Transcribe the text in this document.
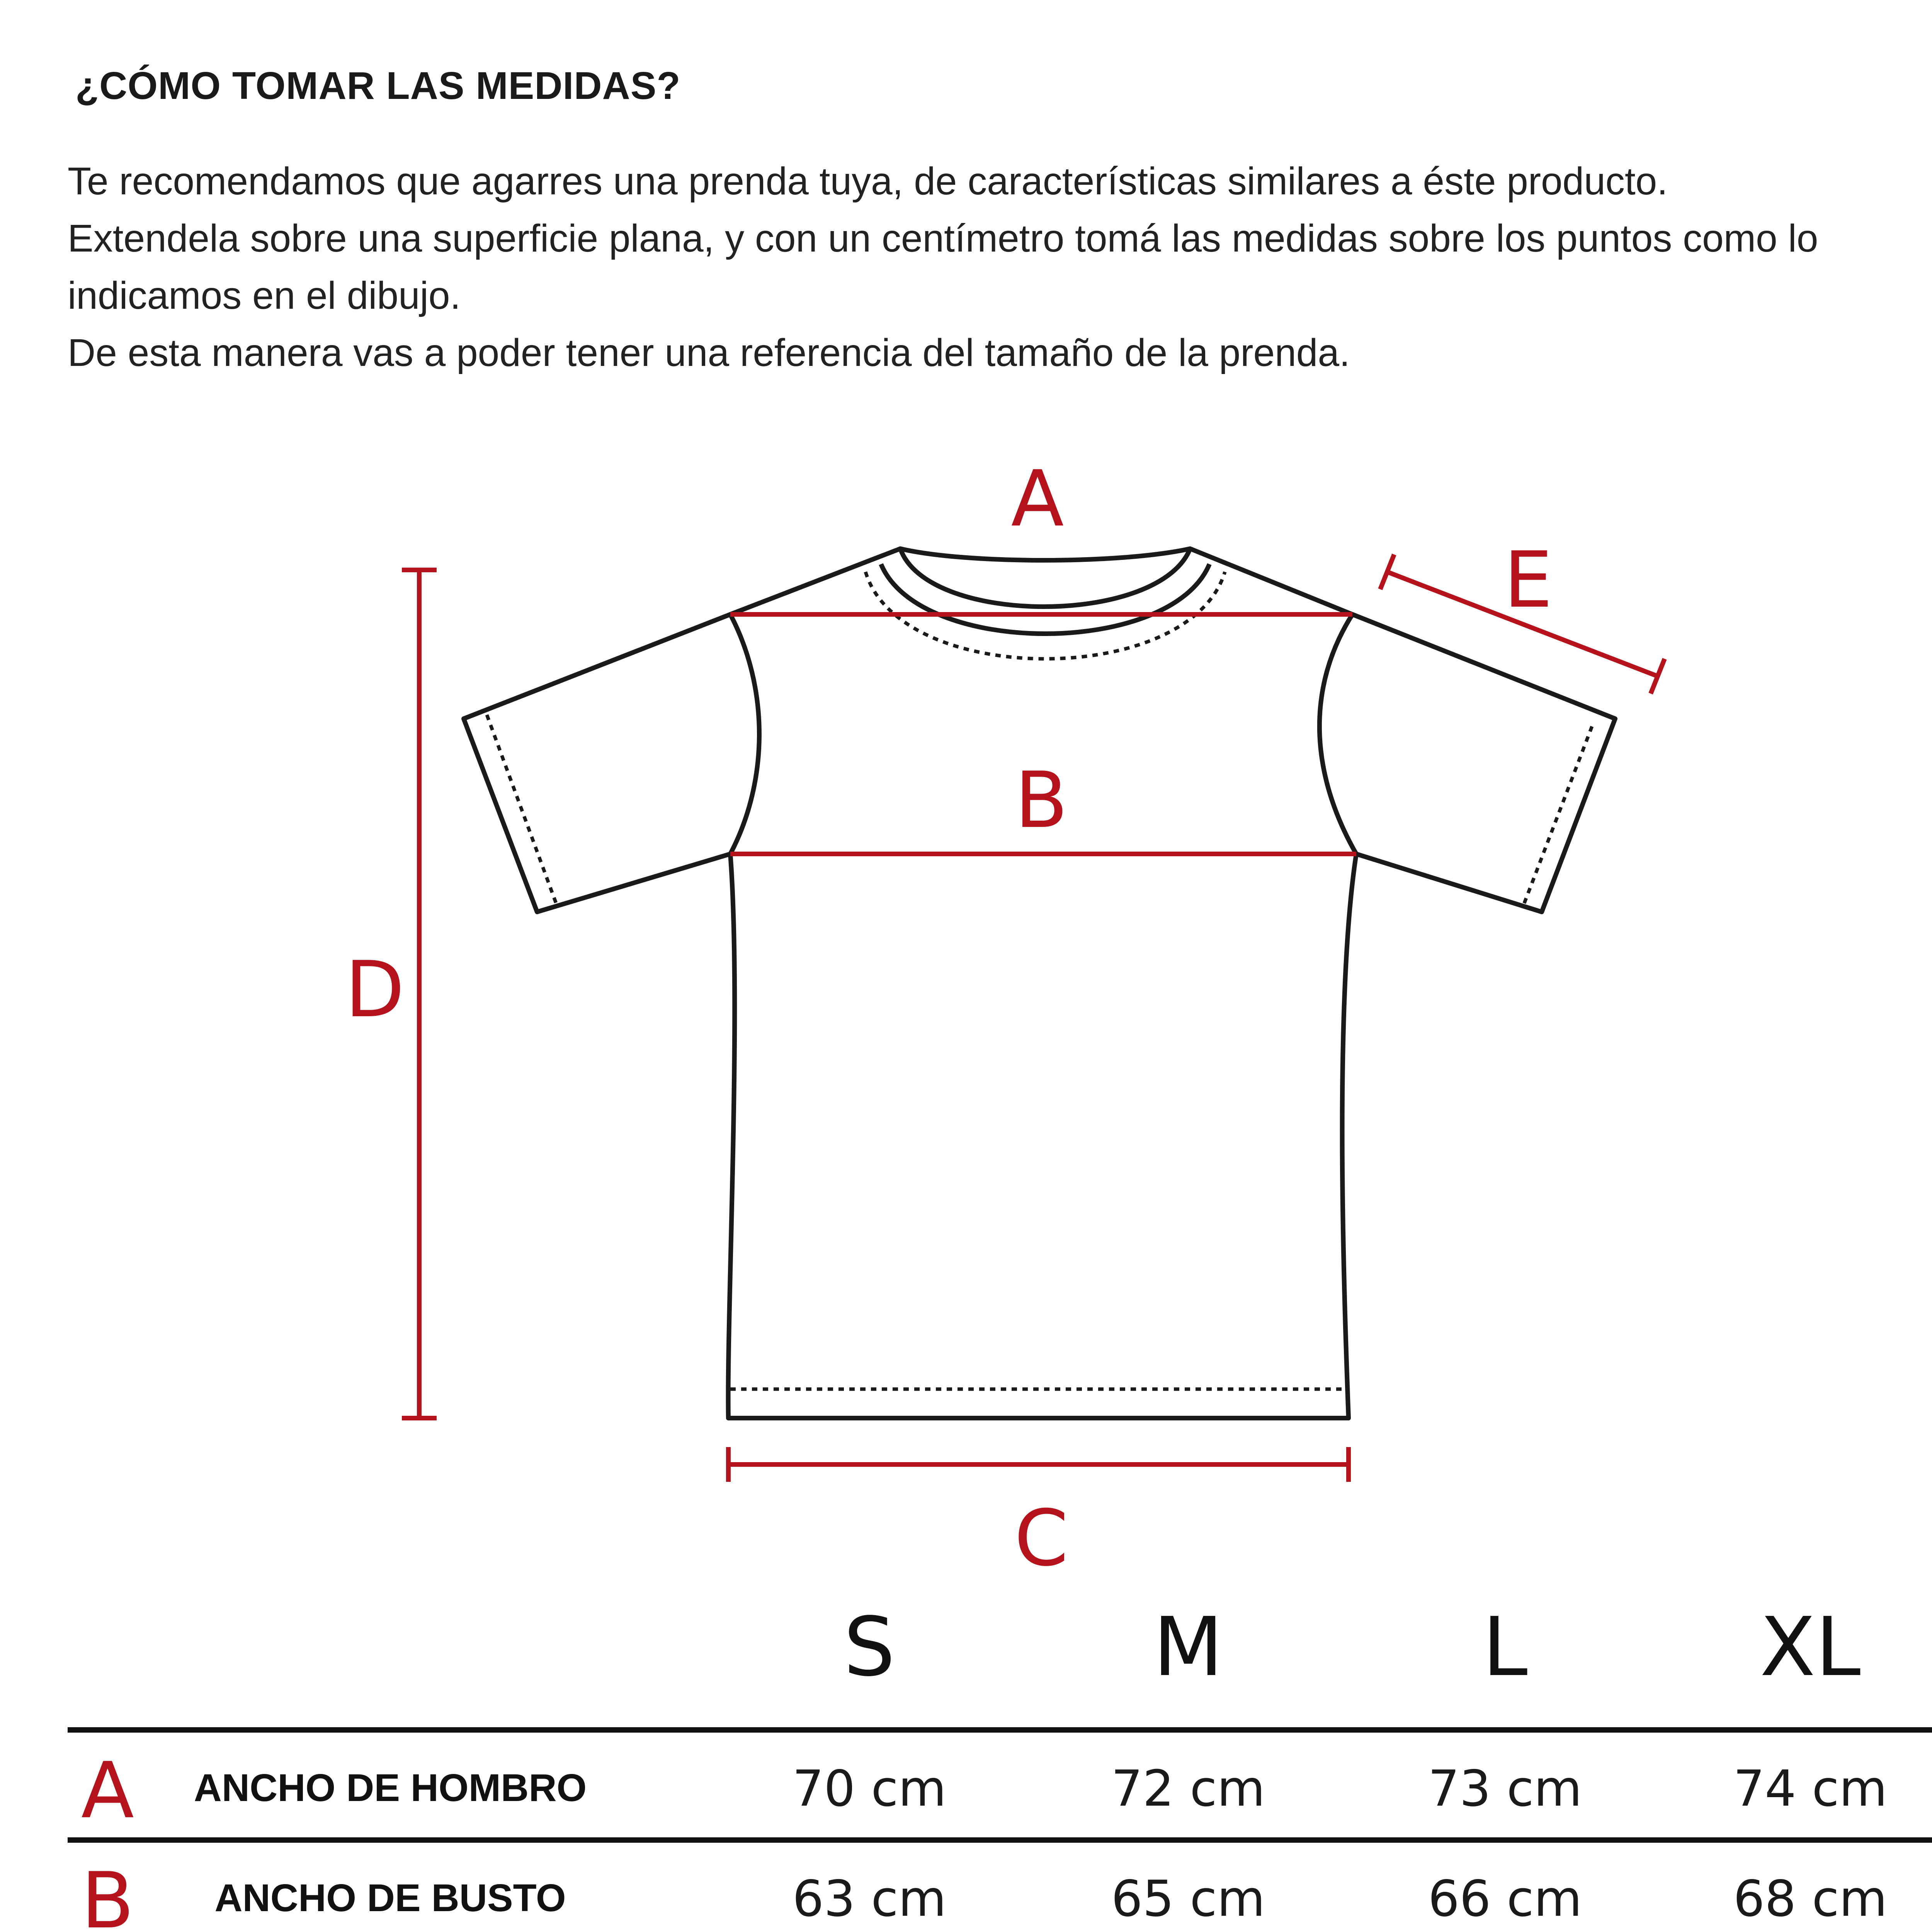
¿CÓMO TOMAR LAS MEDIDAS?

Te recomendamos que agarres una prenda tuya, de características similares a éste producto.

Extendela sobre una superficie plana, y con un centímetro tomá las medidas sobre los puntos como lo indicamos en el dibujo.

De esta manera vas a poder tener una referencia del tamaño de la prenda.

A
B
C
D
E
S	M	L	XL
A	ANCHO DE HOMBRO	70 cm	72 cm	73 cm	74 cm
B	ANCHO DE BUSTO	63 cm	65 cm	66 cm	68 cm
